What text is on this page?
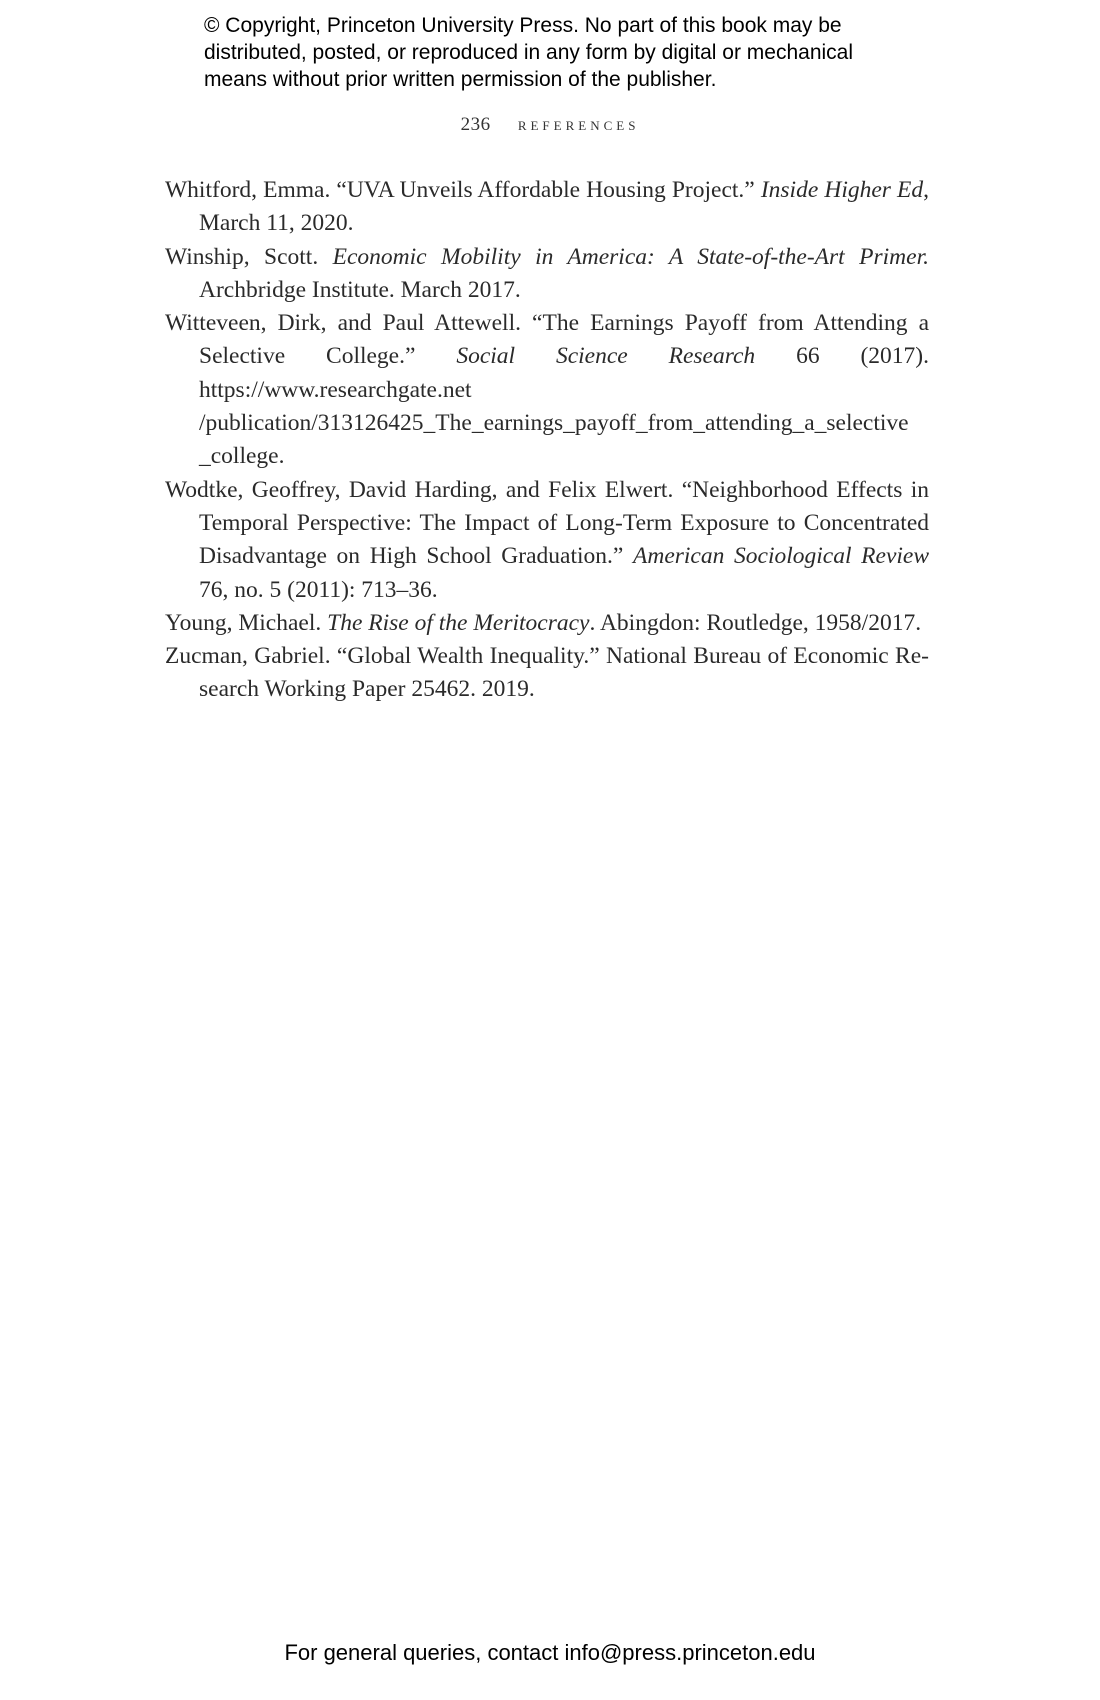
© Copyright, Princeton University Press. No part of this book may be
distributed, posted, or reproduced in any form by digital or mechanical
means without prior written permission of the publisher.
236 references

Whitford, Emma. “UVA Unveils Affordable Housing Project.” Inside Higher Ed, March 11, 2020.

Winship, Scott. Economic Mobility in America: A State-of-the-Art Primer. Archbridge Institute. March 2017.

Witteveen, Dirk, and Paul Attewell. “The Earnings Payoff from Attending a Selective College.” Social Science Research 66 (2017). https://www.researchgate.net /publication/313126425_The_earnings_payoff_from_attending_a_selective _college.

Wodtke, Geoffrey, David Harding, and Felix Elwert. “Neighborhood Effects in Temporal Perspective: The Impact of Long-Term Exposure to Concentrated Disadvantage on High School Graduation.” American Sociological Review 76, no. 5 (2011): 713–36.

Young, Michael. The Rise of the Meritocracy. Abingdon: Routledge, 1958/2017.

Zucman, Gabriel. “Global Wealth Inequality.” National Bureau of Economic Research Working Paper 25462. 2019.

For general queries, contact info@press.princeton.edu
